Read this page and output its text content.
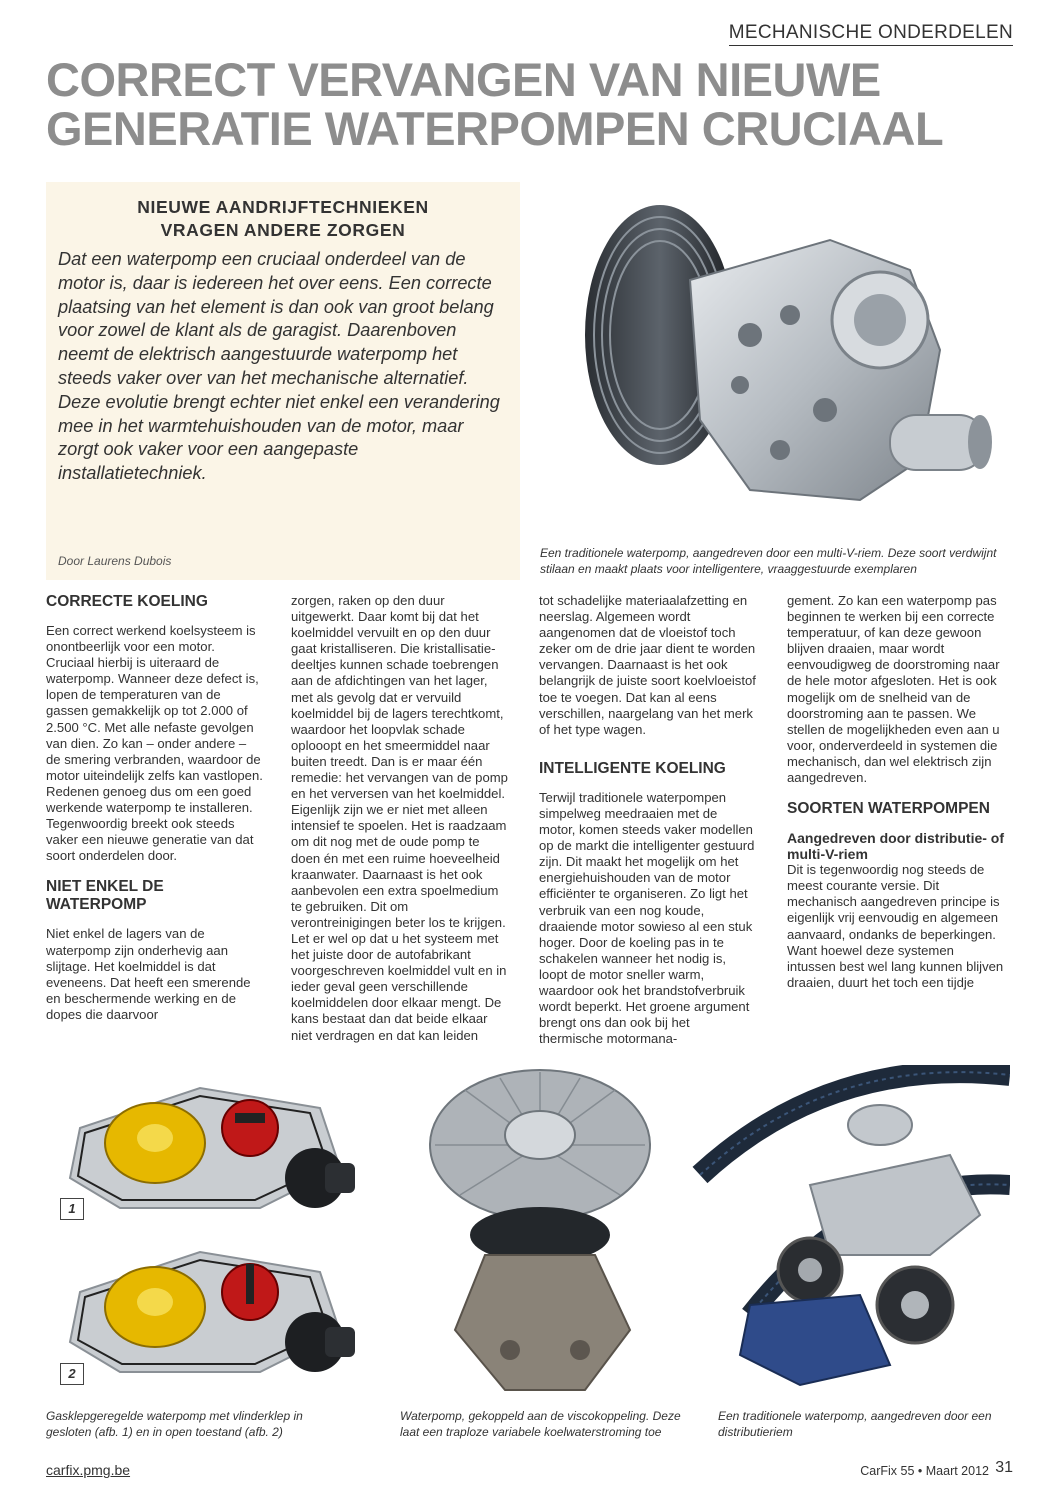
MECHANISCHE ONDERDELEN
CORRECT VERVANGEN VAN NIEUWE
GENERATIE WATERPOMPEN CRUCIAAL
NIEUWE AANDRIJFTECHNIEKEN
VRAGEN ANDERE ZORGEN
Dat een waterpomp een cruciaal onderdeel van de motor is, daar is iedereen het over eens. Een correcte plaatsing van het element is dan ook van groot belang voor zowel de klant als de garagist. Daarenboven neemt de elektrisch aangestuurde waterpomp het steeds vaker over van het mechanische alternatief.
Deze evolutie brengt echter niet enkel een verandering mee in het warmtehuishouden van de motor, maar zorgt ook vaker voor een aangepaste installatietechniek.
Door Laurens Dubois
Een traditionele waterpomp, aangedreven door een multi-V-riem. Deze soort verdwijnt stilaan en maakt plaats voor intelligentere, vraaggestuurde exemplaren
CORRECTE KOELING

Een correct werkend koelsysteem is onontbeerlijk voor een motor. Cruciaal hierbij is uiteraard de waterpomp. Wanneer deze defect is, lopen de temperaturen van de gassen gemakkelijk op tot 2.000 of 2.500 °C. Met alle nefaste gevolgen van dien. Zo kan – onder andere – de smering verbranden, waardoor de motor uiteindelijk zelfs kan vastlopen. Redenen genoeg dus om een goed werkende waterpomp te installeren. Tegenwoordig breekt ook steeds vaker een nieuwe generatie van dat soort onderdelen door.

NIET ENKEL DE WATERPOMP

Niet enkel de lagers van de waterpomp zijn onderhevig aan slijtage. Het koelmiddel is dat eveneens. Dat heeft een smerende en beschermende werking en de dopes die daarvoor

zorgen, raken op den duur uitgewerkt. Daar komt bij dat het koelmiddel vervuilt en op den duur gaat kristalliseren. Die kristallisatiedeeltjes kunnen schade toebrengen aan de afdichtingen van het lager, met als gevolg dat er vervuild koelmiddel bij de lagers terechtkomt, waardoor het loopvlak schade oplooopt en het smeermiddel naar buiten treedt. Dan is er maar één remedie: het vervangen van de pomp en het verversen van het koelmiddel. Eigenlijk zijn we er niet met alleen intensief te spoelen. Het is raadzaam om dit nog met de oude pomp te doen én met een ruime hoeveelheid kraanwater. Daarnaast is het ook aanbevolen een extra spoelmedium te gebruiken. Dit om verontreinigingen beter los te krijgen. Let er wel op dat u het systeem met het juiste door de autofabrikant voorgeschreven koelmiddel vult en in ieder geval geen verschillende koelmiddelen door elkaar mengt. De kans bestaat dan dat beide elkaar niet verdragen en dat kan leiden

tot schadelijke materiaalafzetting en neerslag. Algemeen wordt aangenomen dat de vloeistof toch zeker om de drie jaar dient te worden vervangen. Daarnaast is het ook belangrijk de juiste soort koelvloeistof toe te voegen. Dat kan al eens verschillen, naargelang van het merk of het type wagen.

INTELLIGENTE KOELING

Terwijl traditionele waterpompen simpelweg meedraaien met de motor, komen steeds vaker modellen op de markt die intelligenter gestuurd zijn. Dit maakt het mogelijk om het energiehuishouden van de motor efficiënter te organiseren. Zo ligt het verbruik van een nog koude, draaiende motor sowieso al een stuk hoger. Door de koeling pas in te schakelen wanneer het nodig is, loopt de motor sneller warm, waardoor ook het brandstofverbruik wordt beperkt. Het groene argument brengt ons dan ook bij het thermische motormana-

gement. Zo kan een waterpomp pas beginnen te werken bij een correcte temperatuur, of kan deze gewoon blijven draaien, maar wordt eenvoudigweg de doorstroming naar de hele motor afgesloten. Het is ook mogelijk om de snelheid van de doorstroming aan te passen. We stellen de mogelijkheden even aan u voor, onderverdeeld in systemen die mechanisch, dan wel elektrisch zijn aangedreven.

SOORTEN WATERPOMPEN
Aangedreven door distributie- of multi-V-riem

Dit is tegenwoordig nog steeds de meest courante versie. Dit mechanisch aangedreven principe is eigenlijk vrij eenvoudig en algemeen aanvaard, ondanks de beperkingen. Want hoewel deze systemen intussen best wel lang kunnen blijven draaien, duurt het toch een tijdje

1
2
Gasklepgeregelde waterpomp met vlinderklep in gesloten (afb. 1) en in open toestand (afb. 2)
Waterpomp, gekoppeld aan de viscokoppeling. Deze laat een traploze variabele koelwaterstroming toe
Een traditionele waterpomp, aangedreven door een distributieriem
carfix.pmg.be	CarFix 55 • Maart 2012 31
